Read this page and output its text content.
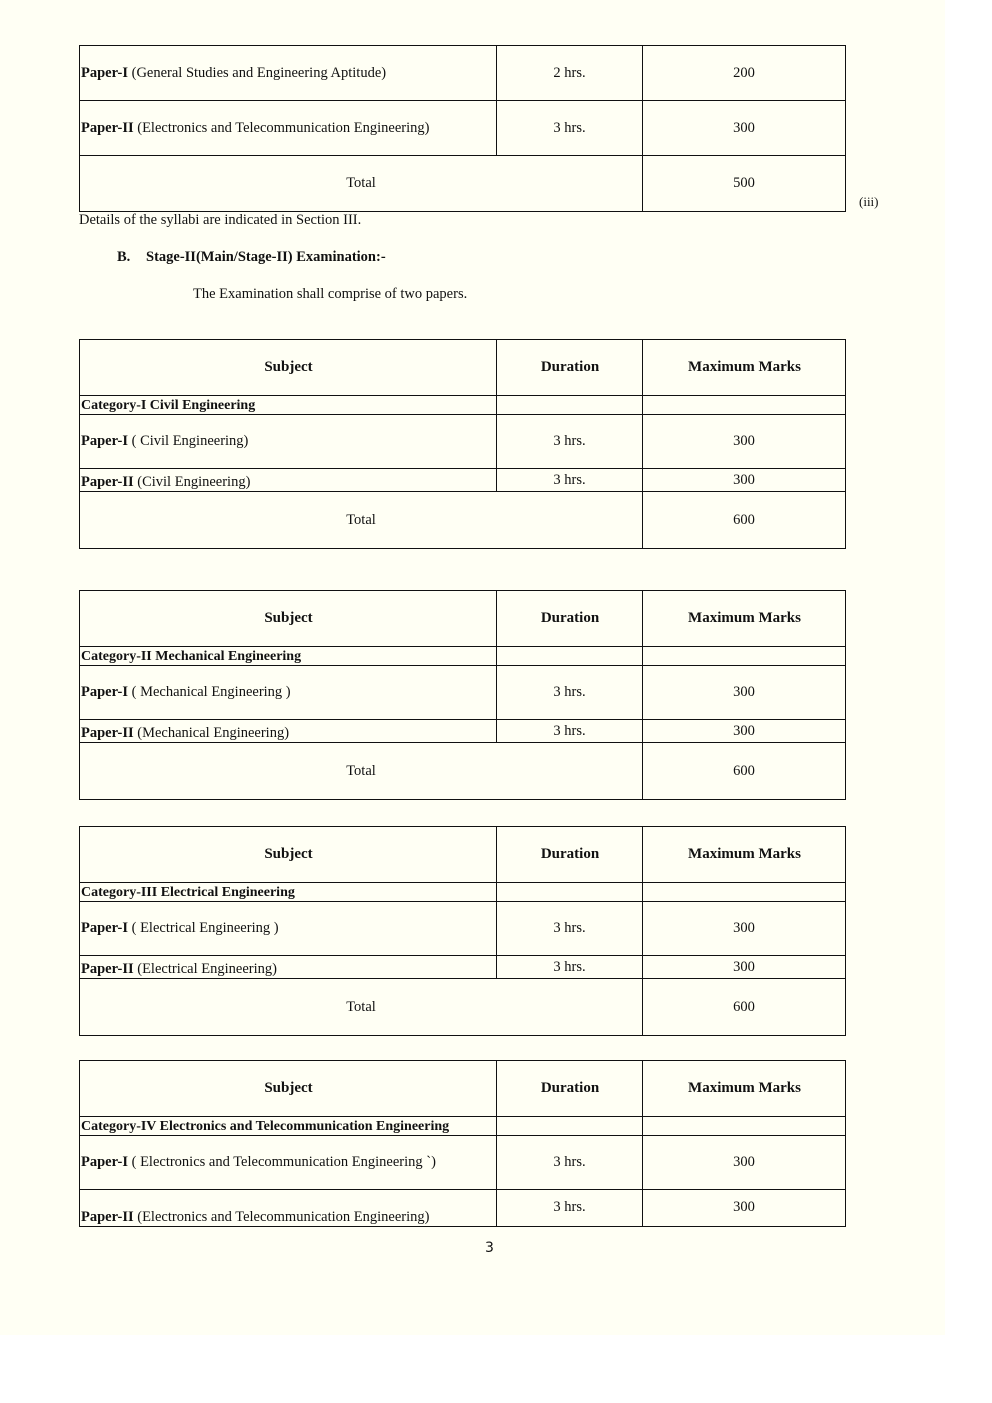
Paper-I (General Studies and Engineering Aptitude)	2 hrs.	200
Paper-II (Electronics and Telecommunication Engineering)	3 hrs.	300
Total		500
(iii)
Details of the syllabi are indicated in Section III.
B. Stage-II(Main/Stage-II) Examination:-
The Examination shall comprise of two papers.
Subject	Duration	Maximum Marks
Category-I Civil Engineering		
Paper-I ( Civil Engineering)	3 hrs.	300
Paper-II (Civil Engineering)	3 hrs.	300
Total		600
Subject	Duration	Maximum Marks
Category-II Mechanical Engineering		
Paper-I ( Mechanical Engineering )	3 hrs.	300
Paper-II (Mechanical Engineering)	3 hrs.	300
Total		600
Subject	Duration	Maximum Marks
Category-III Electrical Engineering		
Paper-I ( Electrical Engineering )	3 hrs.	300
Paper-II (Electrical Engineering)	3 hrs.	300
Total		600
Subject	Duration	Maximum Marks
Category-IV Electronics and Telecommunication Engineering		
Paper-I ( Electronics and Telecommunication Engineering `)	3 hrs.	300
Paper-II (Electronics and Telecommunication Engineering)	3 hrs.	300
3
